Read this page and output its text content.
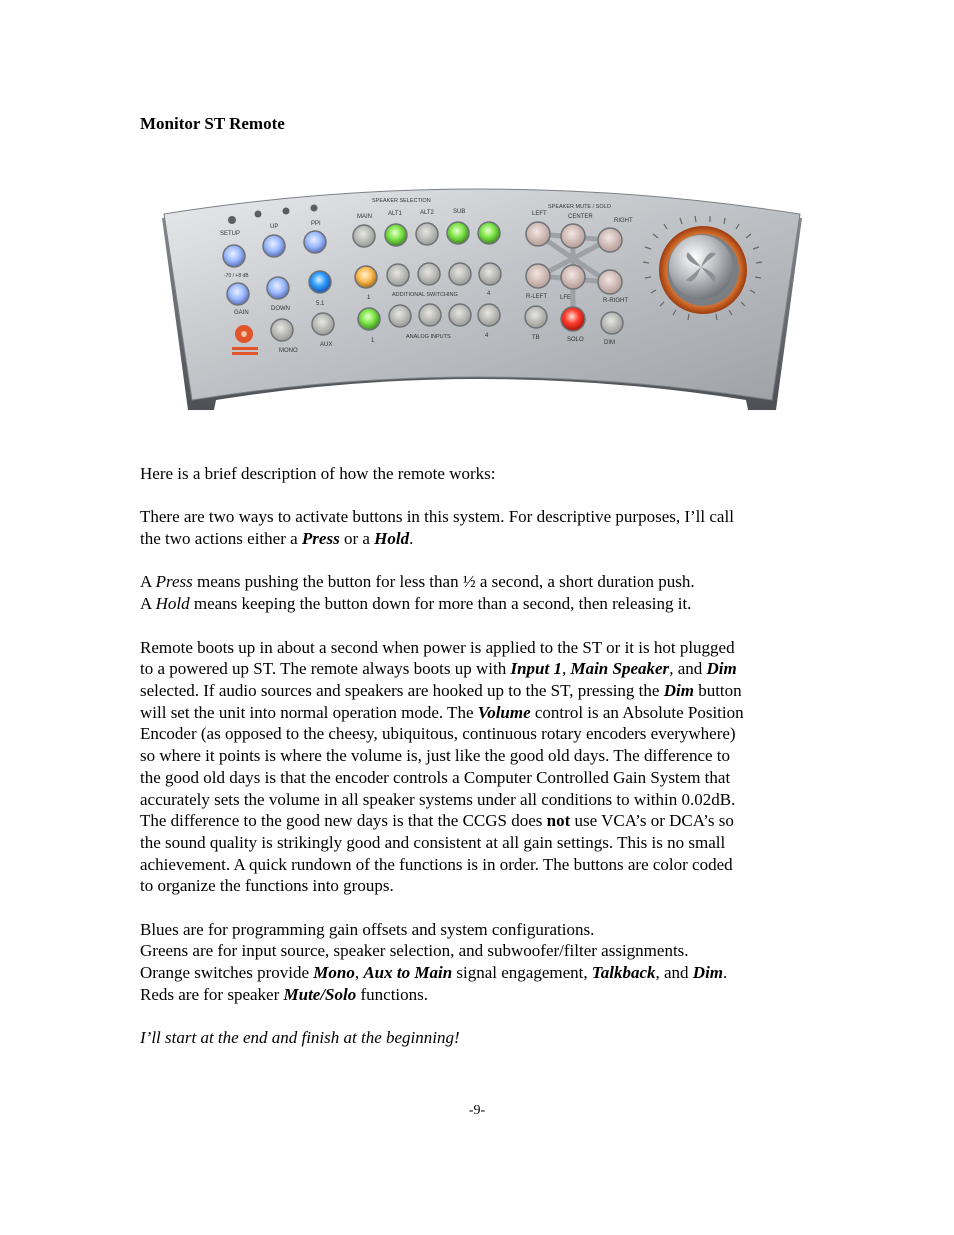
Monitor ST Remote
SPEAKER SELECTION
SPEAKER MUTE / SOLO
SETUP
UP	PPI
MAIN	ALT1	ALT2	SUB	LEFT	CENTER
RIGHT
-70 / +8 dB
GAIN
DOWN
5.1
1	ADDITIONAL SWITCHING	4	R-LEFT LFE	R-RIGHT
MONO
AUX
1
ANALOG INPUTS	4	TB	SOLO	DIM

Here is a brief description of how the remote works:

There are two ways to activate buttons in this system. For descriptive purposes, I’ll call
the two actions either a Press or a Hold.

A Press means pushing the button for less than ½ a second, a short duration push.
A Hold means keeping the button down for more than a second, then releasing it.

Remote boots up in about a second when power is applied to the ST or it is hot plugged
to a powered up ST. The remote always boots up with Input 1, Main Speaker, and Dim
selected. If audio sources and speakers are hooked up to the ST, pressing the Dim button
will set the unit into normal operation mode. The Volume control is an Absolute Position
Encoder (as opposed to the cheesy, ubiquitous, continuous rotary encoders everywhere)
so where it points is where the volume is, just like the good old days. The difference to
the good old days is that the encoder controls a Computer Controlled Gain System that
accurately sets the volume in all speaker systems under all conditions to within 0.02dB.
The difference to the good new days is that the CCGS does not use VCA’s or DCA’s so
the sound quality is strikingly good and consistent at all gain settings. This is no small
achievement. A quick rundown of the functions is in order. The buttons are color coded
to organize the functions into groups.

Blues are for programming gain offsets and system configurations.
Greens are for input source, speaker selection, and subwoofer/filter assignments.
Orange switches provide Mono, Aux to Main signal engagement, Talkback, and Dim.
Reds are for speaker Mute/Solo functions.

I’ll start at the end and finish at the beginning!

-9-
